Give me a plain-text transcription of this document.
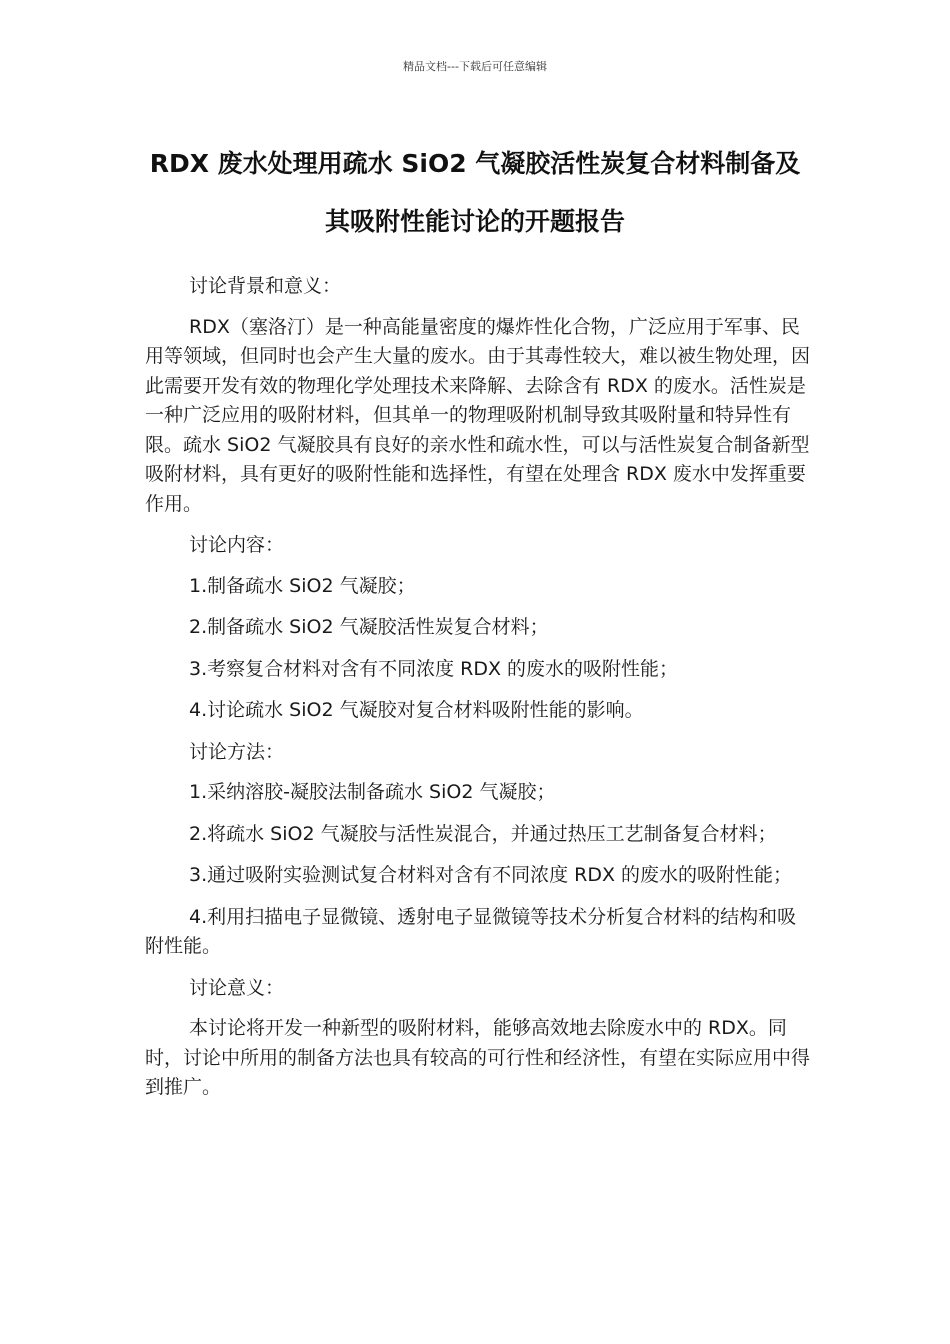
精品文档---下载后可任意编辑

RDX 废水处理用疏水 SiO2 气凝胶活性炭复合材料制备及其吸附性能讨论的开题报告

讨论背景和意义：

RDX（塞洛汀）是一种高能量密度的爆炸性化合物，广泛应用于军事、民用等领域，但同时也会产生大量的废水。由于其毒性较大，难以被生物处理，因此需要开发有效的物理化学处理技术来降解、去除含有 RDX 的废水。活性炭是一种广泛应用的吸附材料，但其单一的物理吸附机制导致其吸附量和特异性有限。疏水 SiO2 气凝胶具有良好的亲水性和疏水性，可以与活性炭复合制备新型吸附材料，具有更好的吸附性能和选择性，有望在处理含 RDX 废水中发挥重要作用。

讨论内容：

1.制备疏水 SiO2 气凝胶；

2.制备疏水 SiO2 气凝胶活性炭复合材料；

3.考察复合材料对含有不同浓度 RDX 的废水的吸附性能；

4.讨论疏水 SiO2 气凝胶对复合材料吸附性能的影响。

讨论方法：

1.采纳溶胶-凝胶法制备疏水 SiO2 气凝胶；

2.将疏水 SiO2 气凝胶与活性炭混合，并通过热压工艺制备复合材料；

3.通过吸附实验测试复合材料对含有不同浓度 RDX 的废水的吸附性能；

4.利用扫描电子显微镜、透射电子显微镜等技术分析复合材料的结构和吸附性能。

讨论意义：

本讨论将开发一种新型的吸附材料，能够高效地去除废水中的 RDX。同时，讨论中所用的制备方法也具有较高的可行性和经济性，有望在实际应用中得到推广。
